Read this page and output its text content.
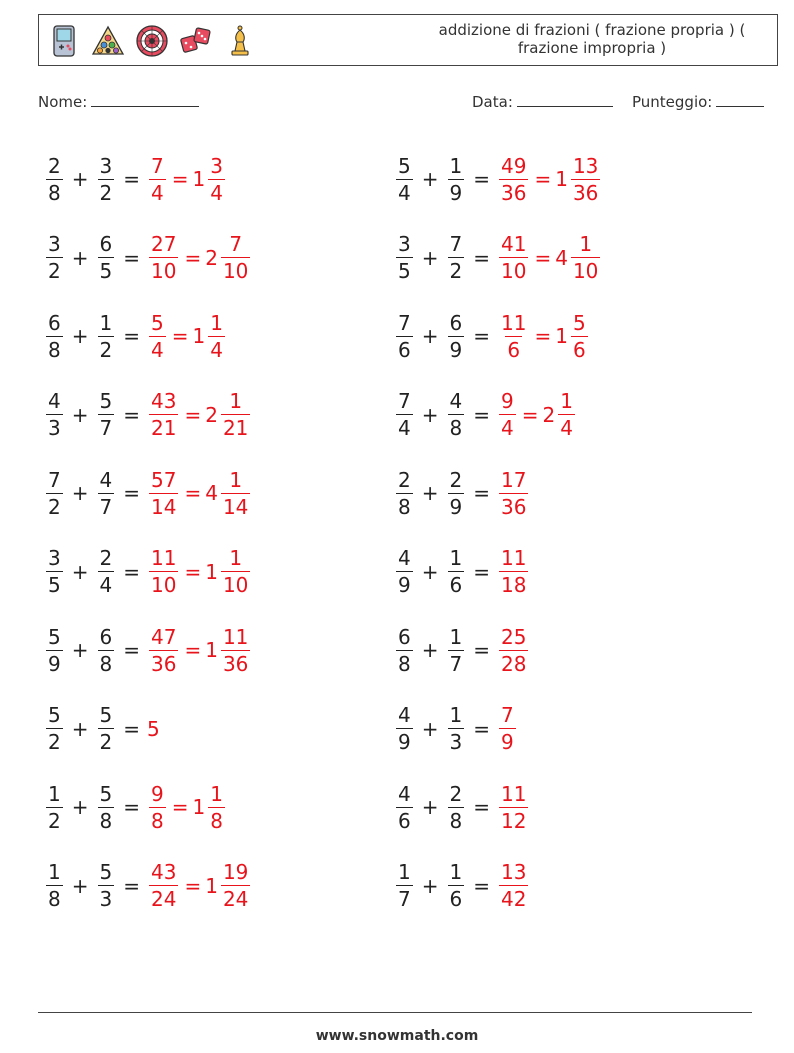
addizione di frazioni ( frazione propria ) ( frazione impropria )
Nome:	Data:	Punteggio:
$\frac{2}{8} + \frac{3}{2} = \frac{7}{4} = 1 \frac{3}{4}$
$\frac{3}{2} + \frac{6}{5} = \frac{27}{10} = 2 \frac{7}{10}$
$\frac{6}{8} + \frac{1}{2} = \frac{5}{4} = 1 \frac{1}{4}$
$\frac{4}{3} + \frac{5}{7} = \frac{43}{21} = 2 \frac{1}{21}$
$\frac{7}{2} + \frac{4}{7} = \frac{57}{14} = 4 \frac{1}{14}$
$\frac{3}{5} + \frac{2}{4} = \frac{11}{10} = 1 \frac{1}{10}$
$\frac{5}{9} + \frac{6}{8} = \frac{47}{36} = 1 \frac{11}{36}$
$\frac{5}{2} + \frac{5}{2} = 5$
$\frac{1}{2} + \frac{5}{8} = \frac{9}{8} = 1 \frac{1}{8}$
$\frac{1}{8} + \frac{5}{3} = \frac{43}{24} = 1 \frac{19}{24}$
$\frac{5}{4} + \frac{1}{9} = \frac{49}{36} = 1 \frac{13}{36}$
$\frac{3}{5} + \frac{7}{2} = \frac{41}{10} = 4 \frac{1}{10}$
$\frac{7}{6} + \frac{6}{9} = \frac{11}{6} = 1 \frac{5}{6}$
$\frac{7}{4} + \frac{4}{8} = \frac{9}{4} = 2 \frac{1}{4}$
$\frac{2}{8} + \frac{2}{9} = \frac{17}{36}$
$\frac{4}{9} + \frac{1}{6} = \frac{11}{18}$
$\frac{6}{8} + \frac{1}{7} = \frac{25}{28}$
$\frac{4}{9} + \frac{1}{3} = \frac{7}{9}$
$\frac{4}{6} + \frac{2}{8} = \frac{11}{12}$
$\frac{1}{7} + \frac{1}{6} = \frac{13}{42}$
www.snowmath.com
